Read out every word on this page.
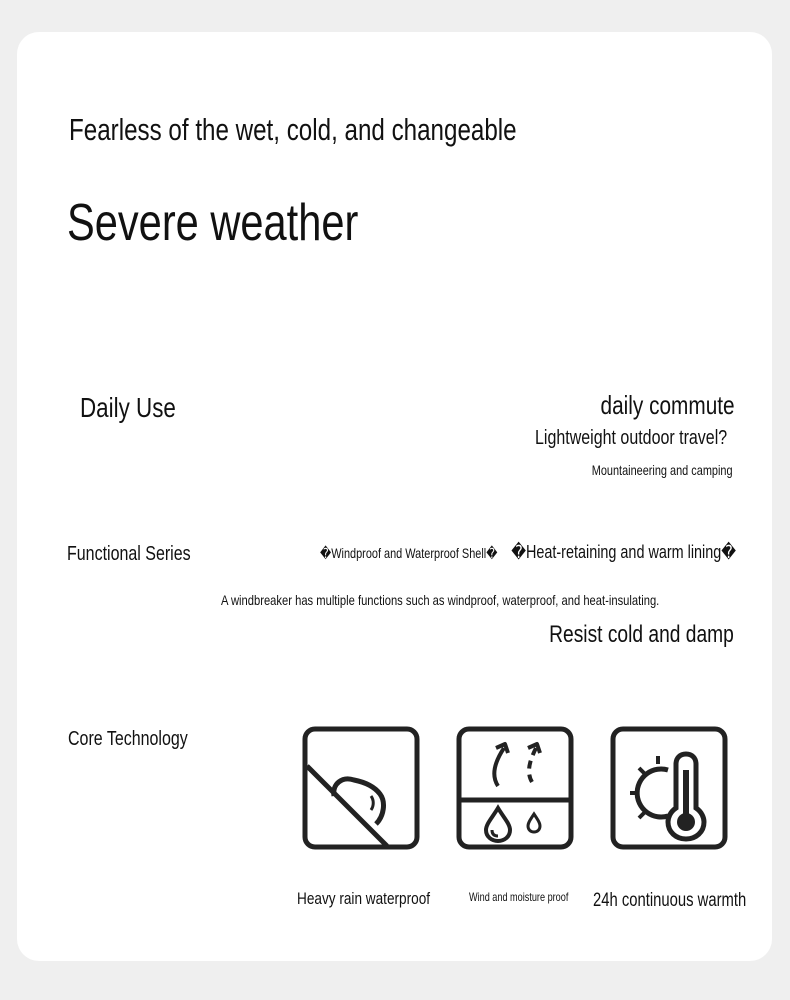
Fearless of the wet, cold, and changeable
Severe weather
Daily Use	daily commute
Lightweight outdoor travel?
Mountaineering and camping
Functional Series	�Windproof and Waterproof Shell� �Heat-retaining and warm lining�
A windbreaker has multiple functions such as windproof, waterproof, and heat-insulating.
Resist cold and damp
Core Technology
Heavy rain waterproof	Wind and moisture proof	24h continuous warmth
